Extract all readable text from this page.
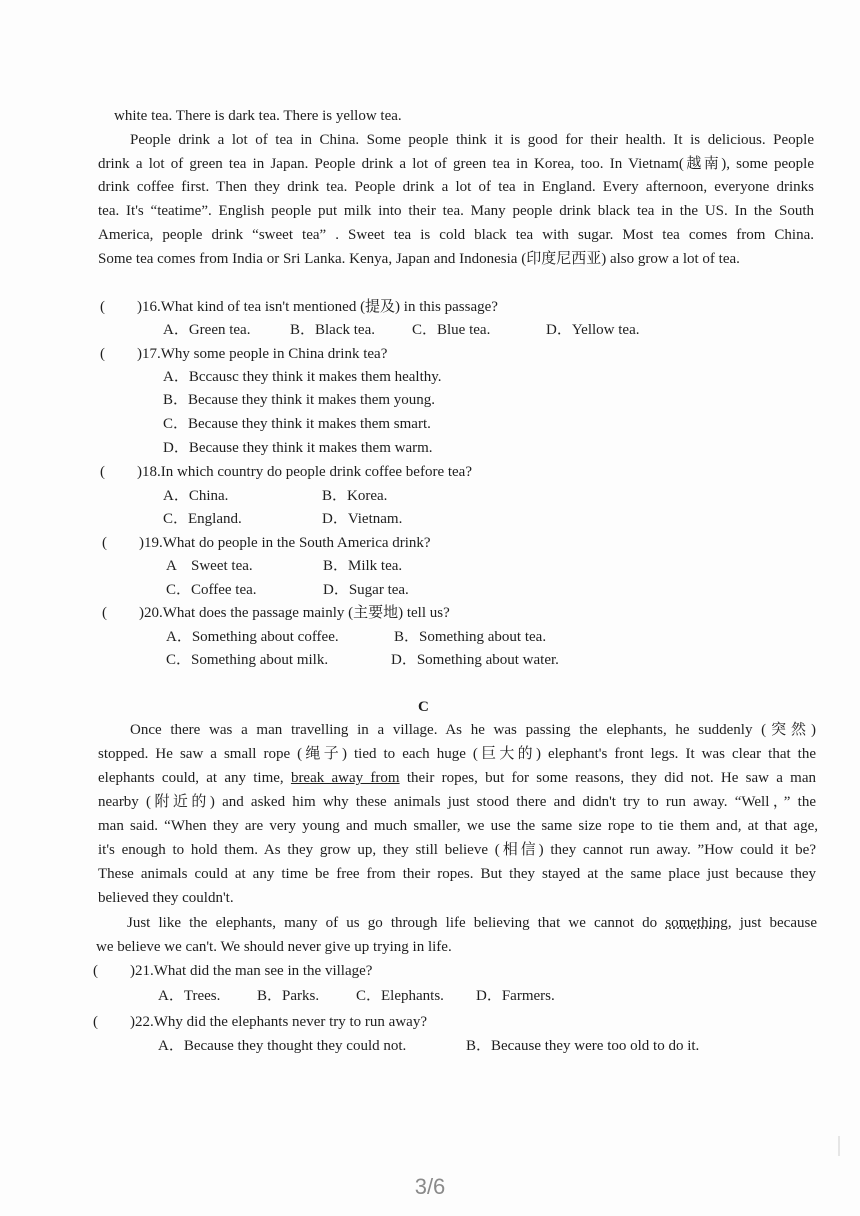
white tea. There is dark tea. There is yellow tea.
People drink a lot of tea in China. Some people think it is good for their health. It is delicious. People
drink a lot of green tea in Japan. People drink a lot of green tea in Korea, too. In Vietnam(越南), some people
drink coffee first. Then they drink tea. People drink a lot of tea in England. Every afternoon, everyone drinks
tea. It's “teatime”. English people put milk into their tea. Many people drink black tea in the US. In the South
America, people drink “sweet tea” . Sweet tea is cold black tea with sugar. Most tea comes from China.
Some tea comes from India or Sri Lanka. Kenya, Japan and Indonesia (印度尼西亚) also grow a lot of tea.
( )16.What kind of tea isn't mentioned (提及) in this passage?
A．Green tea.	B．Black tea. C．Blue tea.	D．Yellow tea.
( )17.Why some people in China drink tea?
A．Bccausc they think it makes them healthy.
B．Because they think it makes them young.
C．Because they think it makes them smart.
D．Because they think it makes them warm.
( )18.In which country do people drink coffee before tea?
A．China.	B．Korea.
C．England.	D．Vietnam.
( )19.What do people in the South America drink?
A　Sweet tea.	B．Milk tea.
C．Coffee tea.	D．Sugar tea.
( )20.What does the passage mainly (主要地) tell us?
A．Something about coffee.	B．Something about tea.
C．Something about milk.	D．Something about water.
C
Once there was a man travelling in a village. As he was passing the elephants, he suddenly (突然)
stopped. He saw a small rope (绳子) tied to each huge (巨大的) elephant's front legs. It was clear that the
elephants could, at any time, break away from their ropes, but for some reasons, they did not. He saw a man
nearby (附近的) and asked him why these animals just stood there and didn't try to run away. “Well，” the
man said. “When they are very young and much smaller, we use the same size rope to tie them and, at that age,
it's enough to hold them. As they grow up, they still believe (相信) they cannot run away. ”How could it be?
These animals could at any time be free from their ropes. But they stayed at the same place just because they
believed they couldn't.
Just like the elephants, many of us go through life believing that we cannot do something, just because
we believe we can't. We should never give up trying in life.
( )21.What did the man see in the village?
A．Trees. B．Parks. C．Elephants. D．Farmers.
( )22.Why did the elephants never try to run away?
A．Because they thought they could not.	B．Because they were too old to do it.
3/6
